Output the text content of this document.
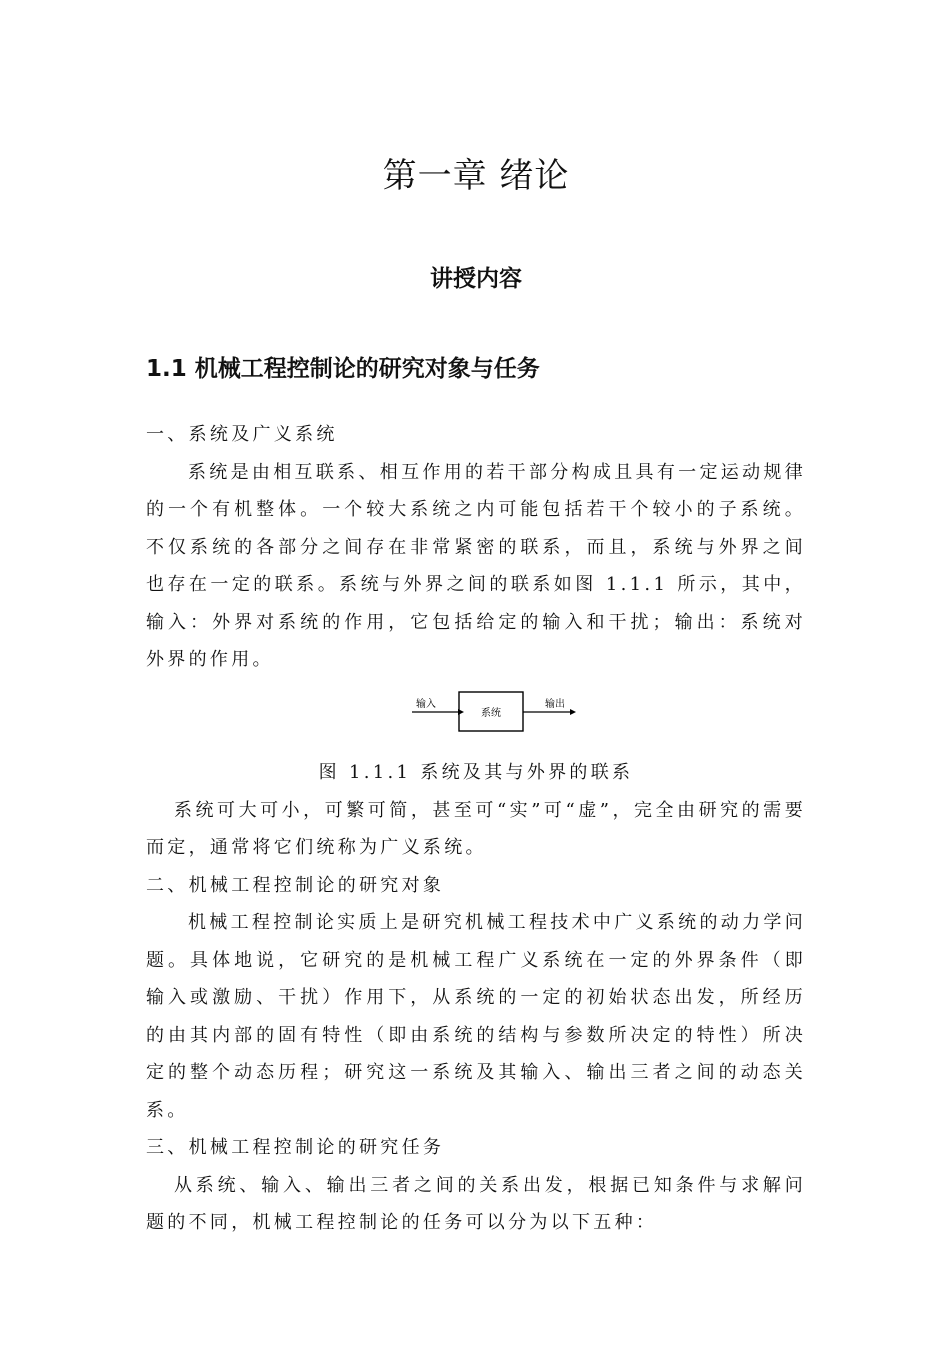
第一章 绪论
讲授内容
1.1 机械工程控制论的研究对象与任务

一、系统及广义系统

系统是由相互联系、相互作用的若干部分构成且具有一定运动规律的一个有机整体。一个较大系统之内可能包括若干个较小的子系统。不仅系统的各部分之间存在非常紧密的联系，而且，系统与外界之间也存在一定的联系。系统与外界之间的联系如图 1.1.1 所示，其中，输入：外界对系统的作用，它包括给定的输入和干扰；输出：系统对外界的作用。

输入
系统
输出

图 1.1.1 系统及其与外界的联系

系统可大可小，可繁可简，甚至可“实”可“虚”，完全由研究的需要而定，通常将它们统称为广义系统。

二、机械工程控制论的研究对象

机械工程控制论实质上是研究机械工程技术中广义系统的动力学问题。具体地说，它研究的是机械工程广义系统在一定的外界条件（即输入或激励、干扰）作用下，从系统的一定的初始状态出发，所经历的由其内部的固有特性（即由系统的结构与参数所决定的特性）所决定的整个动态历程；研究这一系统及其输入、输出三者之间的动态关系。

三、机械工程控制论的研究任务

从系统、输入、输出三者之间的关系出发，根据已知条件与求解问题的不同，机械工程控制论的任务可以分为以下五种：
